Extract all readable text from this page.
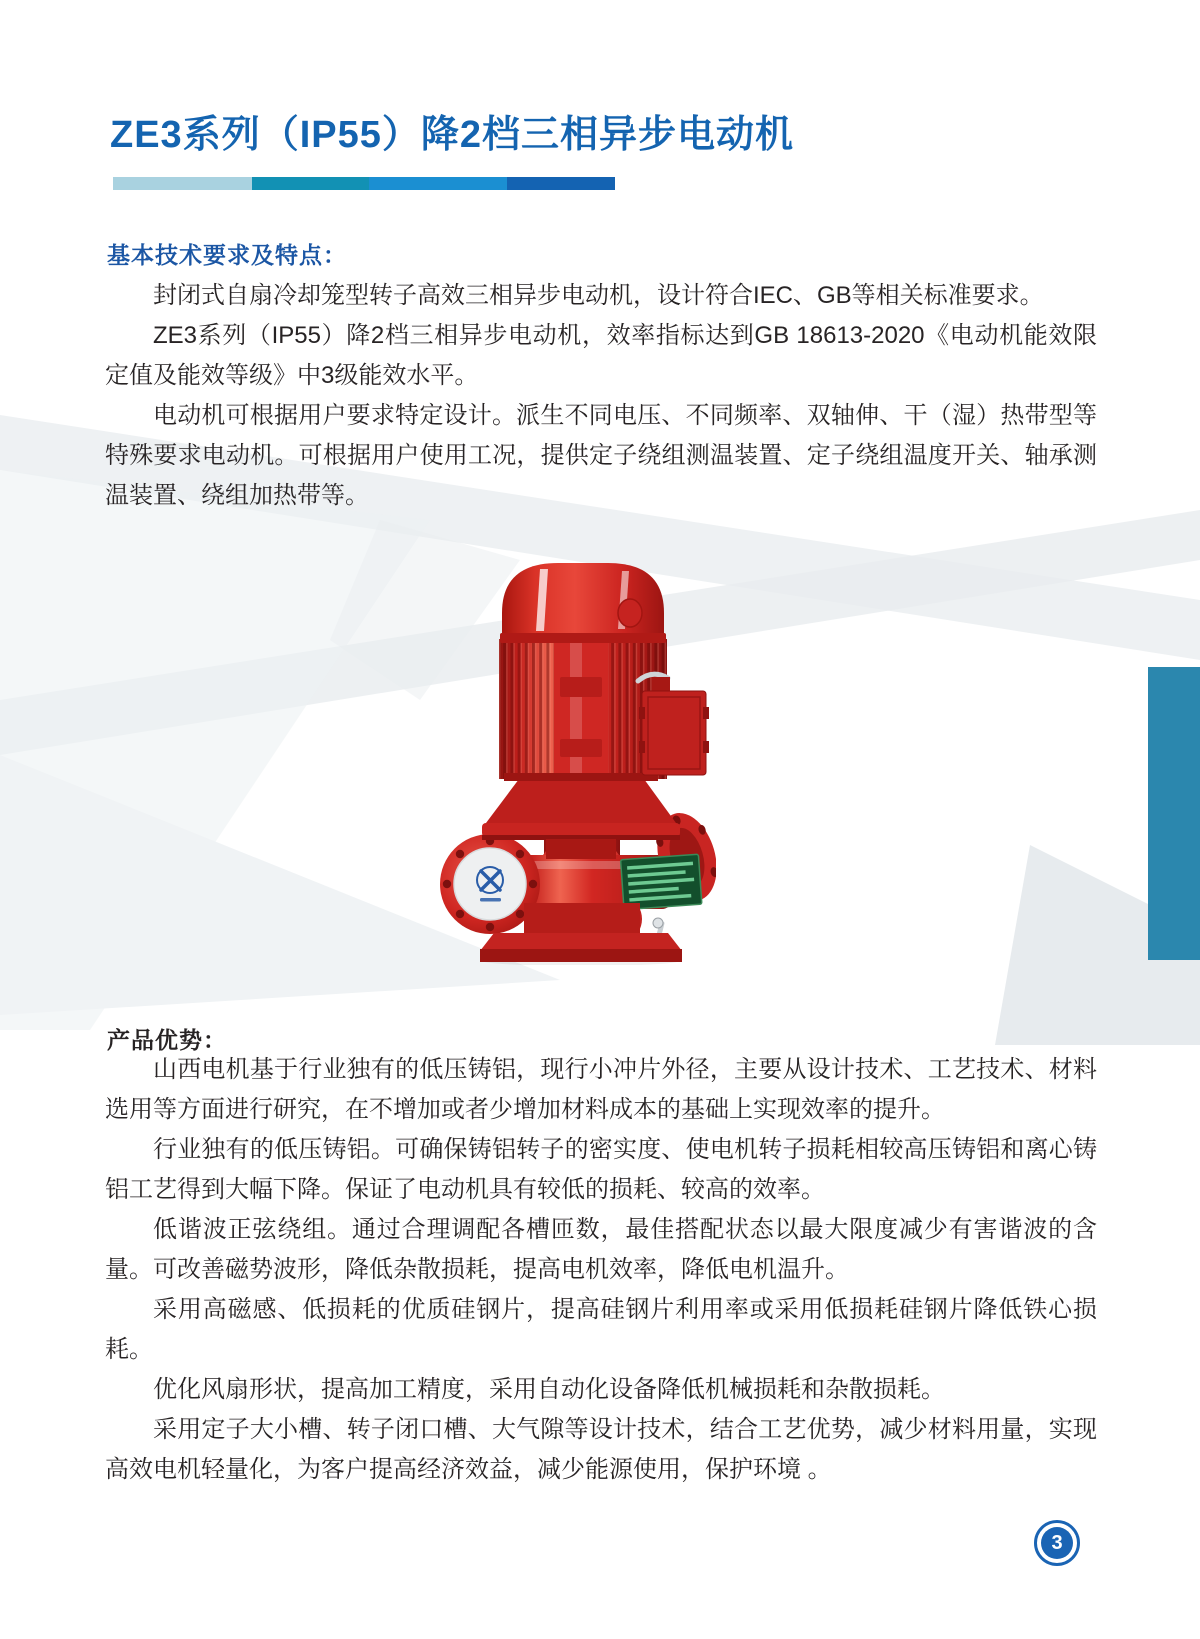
ZE3系列（IP55）降2档三相异步电动机
基本技术要求及特点：

封闭式自扇冷却笼型转子高效三相异步电动机，设计符合IEC、GB等相关标准要求。

ZE3系列（IP55）降2档三相异步电动机，效率指标达到GB 18613-2020《电动机能效限定值及能效等级》中3级能效水平。

电动机可根据用户要求特定设计。派生不同电压、不同频率、双轴伸、干（湿）热带型等特殊要求电动机。可根据用户使用工况，提供定子绕组测温装置、定子绕组温度开关、轴承测温装置、绕组加热带等。

产品优势：

山西电机基于行业独有的低压铸铝，现行小冲片外径，主要从设计技术、工艺技术、材料选用等方面进行研究，在不增加或者少增加材料成本的基础上实现效率的提升。

行业独有的低压铸铝。可确保铸铝转子的密实度、使电机转子损耗相较高压铸铝和离心铸铝工艺得到大幅下降。保证了电动机具有较低的损耗、较高的效率。

低谐波正弦绕组。通过合理调配各槽匝数，最佳搭配状态以最大限度减少有害谐波的含量。可改善磁势波形，降低杂散损耗，提高电机效率，降低电机温升。

采用高磁感、低损耗的优质硅钢片，提高硅钢片利用率或采用低损耗硅钢片降低铁心损耗。

优化风扇形状，提高加工精度，采用自动化设备降低机械损耗和杂散损耗。

采用定子大小槽、转子闭口槽、大气隙等设计技术，结合工艺优势，减少材料用量，实现高效电机轻量化，为客户提高经济效益，减少能源使用，保护环境 。

3
